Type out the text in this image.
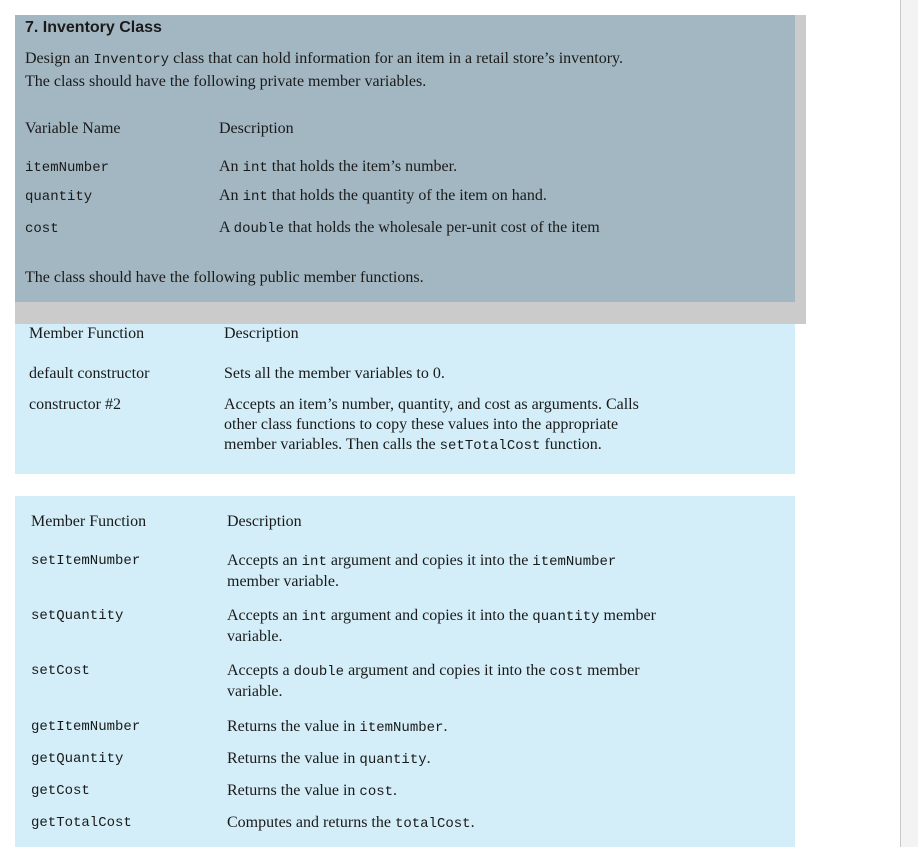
7. Inventory Class
Design an Inventory class that can hold information for an item in a retail store’s inventory.
The class should have the following private member variables.
Variable Name	Description
itemNumber	An int that holds the item’s number.
quantity	An int that holds the quantity of the item on hand.
cost	A double that holds the wholesale per-unit cost of the item
The class should have the following public member functions.
Member Function	Description
default constructor	Sets all the member variables to 0.
constructor #2	Accepts an item’s number, quantity, and cost as arguments. Calls
other class functions to copy these values into the appropriate
member variables. Then calls the setTotalCost function.
Member Function	Description
setItemNumber	Accepts an int argument and copies it into the itemNumber
member variable.
setQuantity	Accepts an int argument and copies it into the quantity member
variable.
setCost	Accepts a double argument and copies it into the cost member
variable.
getItemNumber	Returns the value in itemNumber.
getQuantity	Returns the value in quantity.
getCost	Returns the value in cost.
getTotalCost	Computes and returns the totalCost.
